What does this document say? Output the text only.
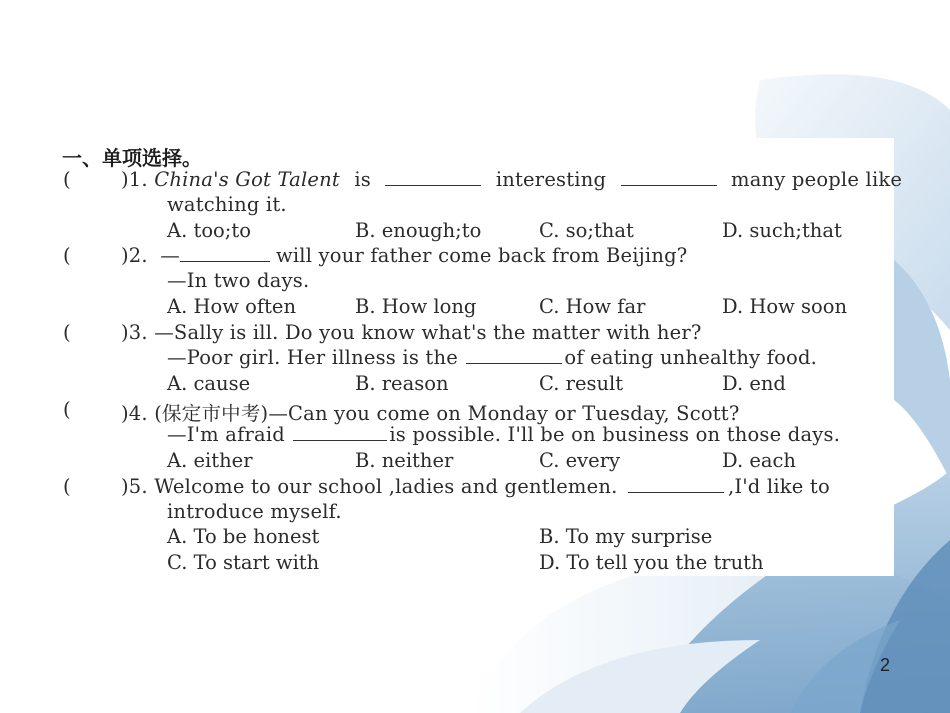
一、单项选择。
(	)1. China's Got Talent is	interesting	many people like
watching it.
A. too;to	B. enough;to	C. so;that	D. such;that
(	)2. —	will your father come back from Beijing?
—In two days.
A. How often	B. How long	C. How far	D. How soon
(	)3. —Sally is ill. Do you know what's the matter with her?
—Poor girl. Her illness is the	of eating unhealthy food.
A. cause	B. reason	C. result	D. end
(	)4. (保定市中考)—Can you come on Monday or Tuesday, Scott?
—I'm afraid	is possible. I'll be on business on those days.
A. either	B. neither	C. every	D. each
(	)5. Welcome to our school ,ladies and gentlemen.	,I'd like to
introduce myself.
A. To be honest	B. To my surprise
C. To start with	D. To tell you the truth
2
